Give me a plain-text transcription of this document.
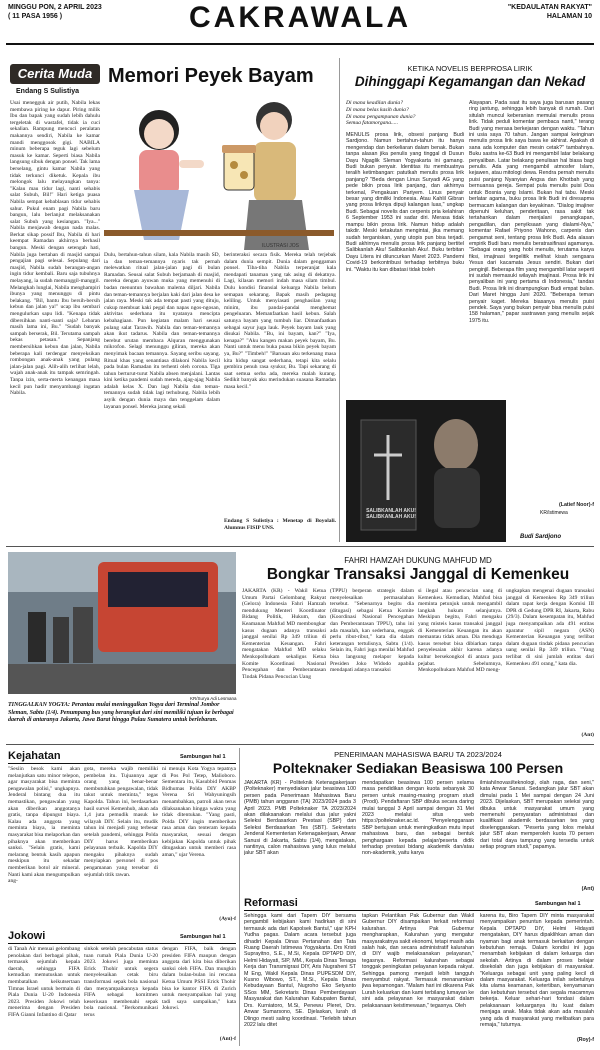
MINGGU PON, 2 APRIL 2023
( 11 PASA 1956 )	CAKRAWALA	"KEDAULATAN RAKYAT"
HALAMAN 10
Cerita Muda
Endang S Sulistiya
Memori Peyek Bayam
ILUSTRASI JOS
Usai menegguk air putih, Nabila lekas membawa piring ke dapur. Piring milik Ibu dan bapak yang sudah lebih dahulu tergeletak di wastafel, tidak ia cuci sekalian. Rampung mencuci peralatan makannya sendiri, Nabila ke kamar mandi menggosok gigi. NABILA minum beberapa teguk lagi sebelum masuk ke kamar. Seperti biasa Nabila langsung sibuk dengan ponsel. Tak lama berselang, gintu kamar Nabila yang tidak terkunci diketuk. Kepala ibu melongok lalu melayangkan tanya: "Kalau mau tidur lagi, nanti sehabis salat Subuh, Bil!" Hari ketiga puasa Nabila sempat kebablasan tidur sehabis sahur. Pukul enam pagi Nabila baru bangun, lalu berlanjut melaksanakan salat Subuh yang kesiangan. "Iya..." Nabila menjawab dengan nada malas. Berkat sikap possif Ibu, Nabila di hari keempat Ramadan akhirnya berhasil bangun. Meski dengan setengah hati, Nabila juga bertahan di masjid sampai pengajian pagi selesai. Sepulang dari masjid, Nabila sudah berangan-angan ingin tidur kembali. Baru saja tubuhnya melayang, ia sudah memanggil-manggil. Melangkah lunglai, Nabila menghampiri ibunya yang menunggu di pintu belakang. "Bil, bantu Ibu bersih-bersih kebun dan jalan ya!" ucap ibu sembari mengulurkan sapu lidi. "Kenapa tidak dibersihkan nanti-nanti saja? Lebaran masih lama ini, Bu." "Sudah banyak sampah berserak, Bil. Terutama sampah bekas petasan." Sepanjang membersihkan kebun dan jalan, Nabila beberapa kali terdengar menyeksikan rombongan anak-anak yang pulang jalan-jalan pagi. Alih-alih terlihat lelah, wajah anak-anak itu tampak semringah. Tanpa izin, serta-merta kenangan masa kecil pun hadir menyambangi ingatan Nabila.
Dulu, bertahun-tahun silam, kala Nabila masih SD, ia dan teman-temannya nyaris tak pernah melewatkan ritual jalan-jalan pagi di bulan Ramadan. Seusai salat Subuh berjamaah di masjid, mereka dengan ayuwan muka yang memenuhi di badan menuntun bawahan malema diljari. Nabila dan teman-temannya berjalan kaki dari jalan desa ke jalan raya. Meski tak ada tempat pasti yang dituju, cukup membuat kaki pegal dan napas ngos-ngosan, aktivitas sederhana itu nyatanya mencipta kebahagiaan. Pun kegiatan malam hari seusai pulang salat Tarawih. Nabila dan teman-temannya akan ikut tadarus. Nabila dan teman-temannya berebut urutan membaca Alquran menggunakan mikrofon. Selagi menunggu giliran, mereka akan menyimak bacaan temannya. Sayang seribu sayang. Ritual khas yang senantiasa dilakoni Nabila kecil pada bulan Ramadan itu terhenti oleh corona. Tiga tahun berturut-turut Nabila absen menjalani. Lantas kini ketika pandemi sudah mereda, ajag-ajag Nabila adalah kelas X. Dan lagi Nabila dan teman-temannya sudah tidak lagi terhubung. Nabila lebih asyik dengan dunia maya dan tenggelam dalam layanan ponsel. Mereka jarang sekali
berinteraksi secara fisik. Mereka telah terjebak dalam dunia sempit. Dunia dalam genggaman ponsel. Tiba-tiba Nabila terperanjat kala mendapati tanaman yang tak asing di dekatnya. Lagi, kilasan memori indah masa silam timbul. Dulu kondisi finansial keluarga Nabila belum semapan sekarang. Bapak masih pedagang keliling. Untuk menyiasati penghasilan yang minim, ibu pandai-pandai menghemat pengeluaran. Memanfaatkan hasil kebun. Salah satunya bayam yang tumbuh liar. Dimanfaatkan sebagai sayur juga lauk. Peyek bayam lauk yang disukai Nabila. "Bu, ini bayam, kan?" "Iya, kenapa?" "Aku kangen makan peyek bayam, Bu. Nanti untuk menu buka puasa bikin peyek bayam ya, Bu?" "Timbeh!" "Barusan aku terkenang masa kita hidup sangat sederhana, tetapi kita selalu gembira penuh rasa syukur, Bu. Tapi sekarang di saat semua serba ada, mereka malah kurang. Sedikit banyak aku merindukan suasana Ramadan masa kecil."
Endang S Sulistiya : Menetap di Boyolali. Alumnus FISIP UNS.
KETIKA NOVELIS BERPROSA LIRIK
Dihinggapi Kegamangan dan Nekad
Di mana keadilan dunia?
Di mana belas kasih dunia?
Di mana pengampunan dunia?
Semua fatamorgana.....
MENULIS prosa lirik, obsesi panjang Budi Sardjono. Namun bertahun-tahun itu hanya mengendap dan berkeliaran dalam benak. Bukan tanpa alasan jika penulis yang tinggal di Dusun Dayu Ngaglik Sleman Yogyakarta ini gamang. Budi bukan penyair. Identitas itu membuatnya teralih ketimbangan: patutkah menulis prosa lirik panjang? "Beda dengan Linus Suryadi AG yang pede bikin prosa lirik panjang, dan akhirnya terkenal, Pengakuan Pariyem. Linus penyair besar yang dimiliki Indonesia. Atau Kahlil Gibran yang prosa liriknya dipuji kalangan luas," ungkap Budi. Sebagai novelis dan cerpenis pria kelahiran 6 September 1953 ini sadar diri. Merasa tidak mampu bikin prosa lirik. Namun hidup adalah takdir. Meski ketakutan mengintai, jika memang sudah terganiskan, yang utopis pun bisa terjadi. Budi akhirnya menulis prosa lirik panjang bertitel Salibkanlah Aku! Salibkanlah Aku!. Buku terbitan Dayu Litera ini diluncurkan Maret 2023. Pandemi Covid-19 berkontribusi terhadap terbitnya buku ini. "Waktu itu kan dibatasi tidak boleh
Alayapan. Pada saat itu saya juga barusan pasang ring jantung, sehingga lebih banyak di rumah. Dari situlah muncul keberanian memulai menulis prosa lirik. Tidak peduli komentar pembaca nanti," terang Budi yang merasa berkejaran dengan waktu. "Tahun ini usia saya 70 tahun. Jangan sampai keinginan menulis prosa lirik saya bawa ke akhirat. Apakah di sana ada komputer dan mesin cetak?" tambahnya. Buku sastra ke-63 Budi ini mengambil latar belakang penyaliban. Latar belakang penulisan hal biasa bagi penulis. Ada yang mengambil atmosfer Islam, kejawen, atau mitologi dewa. Rendra pernah menulis puisi panjang Nyanyian Angsa dan Khotbah yang bernuansa gereja. Sempat pula menulis puisi Doa untuk Bosnia yang Islami. Bukan hal tabu. Meski berlatar agama, buku prosa lirik Budi ini diresapma bermacam kalangan dan keyakinan. "Dialog imajiner dipenuhi keluhan, penderitaan, rasa sakit tak tertahankan dalam menjalani penangkapan, pengadilan, dan penyiksaan yang dialami-Nya," komentar Rafael Priyono Wahono, carpenis dan pengamat seni, tentang prosa lirik Budi. Ada alasan empirik Budi baru menulis beratrasifinasi agamanya. "Sebagai orang yang hobi menulis, terutama karya fiksi, imajinasi tergelitik melihat kisah sengsara Yesus dari kacamata Jesus sendiri. Bukan dari penginjil. Beberapa film yang mengambil latar seperti ini sudah memasuki wilayah imajinasi. Prosa lirik ini penyaliban ini yang pertama di Indonesia," tandas Budi. Prosa lirik ini dirampungkan Budi empat bulan. Dari Maret hingga Juni 2020. "Beberapa teman penyair kaget. Mereka biasanya menulis puisi pendek. Saya yang bukan penyair bisa menulis puisi 158 halaman," papar sastrawan yang menulis sejak 1975 itu.
(Latief Noor)-f
SALIBKANLAH AKU! SALIBKANLAH AKU!
KR/istimewa
Budi Sardjono
KR/Surya Adi Lesmana
TINGGALKAN YOGYA: Perantau mulai meninggalkan Yogya dari Terminal Jombor Sleman, Sabtu (1/4). Penumpang bus yang berangkat dari sini memiliki tujuan ke berbagai daerah di antaranya Jakarta, Jawa Barat hingga Pulau Sumatera untuk berlebaran.
FAHRI HAMZAH DUKUNG MAHFUD MD
Bongkar Transaksi Janggal di Kemenkeu
JAKARTA (KR) - Wakil Ketua Umum Partai Gelombang Rakyat (Gelora) Indonesia Fahri Hamzah mendukung Menteri Koordinator Bidang Politik, Hukum, dan Keamanan Mahfud MD membongkar kasus dugaan adanya transaksi janggal senilai Rp 349 triliun di Kementerian Keuangan. Fahri mengatakan Mahfud MD selaku Menkopolhukam sekaligus Ketua Komite Koordinasi Nasional Pencegahan dan Pemberantasan Tindak Pidana Pencucian Uang
(TPPU) berperan strategis dalam menyelesaikan permasalahan tersebut. "Sebenarnya begitu dia (ditugasi) sebagai Ketua Komite (Koordinasi Nasional Pencegahan dan Pemberantasan TPPU), tahu ini ada masalah, kan sederhana, enggak perlu ribut-ribut," kata dia dalam keterangan tertulisnya, Sabtu (1/4). Selain itu, Fahri juga menilai Mahfud bisa langsung melapor kepada Presiden Joko Widodo apabila mendapati adanya transaksi
si ilegal atau pencucian uang di Kemenkeu. Kemudian, Mahfud bisa meminta petunjuk untuk mengambil langkah hukum selanjutnya. Meskipun begitu, Fahri mengaku yang misteis kasus transaksi janggal di Kementerian Keuangan itu akan memantau tidak aman. Dia menduga kasus tersebut bisa dibiarkan tanpa penyelesaian akhir karena adanya kultur bersekongkol di antara para pejabat. Sebelumnya, Menkopolhukam Mahfud MD meng-
ungkapkan mengenai dugaan transaksi janggal di Kemenkeu Rp 349 triliun dalam rapat kerja dengan Komisi III DPR di Gedung DPR RI, Jakarta, Rabu (29/3). Dalam kesempatan itu, Mahfud juga menyampaikan ada 491 entitas aparatur sipil negara (ASN) Kementerian Keuangan yang terlibat dalam dugaan tindak pidana pencucian uang senilai Rp 349 triliun. "Yang terlibat di sini jumlah entitas dari Kemenkeu 491 orang," kata dia.
(Ant)
Kejahatan	Sambungan hal 1
"Sesiin besok kami akan melanjutkan satu minor telepon, agar masyarakat bisa meminta pengawalan polisi," ungkapnya. Jenderal bintang dua itu memastikan, pengawalan yang akan diberikan anggotanya gratis, tanpa dipungut biaya. Kalau ada anggota yang meminta biaya, ia meminta masyarakat bisa melaporkan dan pihaknya akan memberikan sanksi. "Selain gratis, kami melarang bentuk kasih apapun meskipun itu sekadar memberikan botol air mineral. Nanti kami akan mengumpulkan ang-
gota, mereka wajib memiliki pembelan itu. Tujuannya agar orang yang benar-benar membutuhkan pengawalan, tidak takut untuk meminta," tegas Kapolda. Tahun ini, berdasarkan hasil survei Kemenhub, akan ada 1,4 juta pemudik masuk ke wilayah DIY. Selain itu, mudik tahun ini menjadi yang terbesar setelah pandemi, sehingga Polda DIY harus memberikan pelayanan terbaik. Kapolda DIY mengaku pihaknya sudah menyiapkan personel di pos pengamanan yang tersebar di sejumlah titik rawan.
ni menuju Kota Yogya tepatnya di Pos Pol Tetep, Malioboro. Sementara itu, Kasubbid Penmas Bidhumas Polda DIY AKBP Verena Sri Wahyuningsih menambahkan, patroli akan terus dilaksanakan hingga waktu yang tidak ditentukan. "Yang pasti, Polda DIY ingin memberikan rasa aman dan tenteram kepada masyarakat, sesuai dengan kebijakan Kapolda untuk pihak ditugaskan untuk memberi rasa aman," ujar Verena.
(Ayu)-f
Jokowi	Sambungan hal 1
di Tanah Air menuai gelombang penolakan dari berbagai pihak, termasuk sejumlah kepala daerah, sehingga FIFA kemudian memutuskan untuk membatalkan keikutsertaan Timnas Israel untuk bermain di Piala Dunia U-20 Indonesia 2023. Presiden Jokowi telah menerima dengan Presiden FIFA Gianni Infantino di Qatar
sinkok setelah pencabutan status tuan rumah Piala Dunia U-20 2023. Jokowi juga meminta Erick Thohir untuk segera menyelesaikan cetak biru transformasi sepak bola nasional dan menyampaikannya kepada FIFA sebagai komitmen keseriusan membenahi sepak bola nasional. "Berkomunikasi terus
dengan FIFA, baik dengan presiden FIFA maupun dengan anggota dari kita bisa diberikan sanksi oleh FIFA. Dan mungkin dalam bulan-bulan ini rencana Ketua Umum PSSI Erick Thohir bisa ke kantor FIFA di Zurich untuk menyampaikan hal yang tadi saya sampaikan," kata Jokowi.
(Ant)-f
PENERIMAAN MAHASISWA BARU TA 2023/2024
Polteknaker Sediakan Beasiswa 100 Persen
JAKARTA (KR) - Politeknik Ketenagakerjaan (Polteknaker) menyediakan jalur beasiswa 100 persen pada Penerimaan Mahasiswa Baru (PMB) tahun anggaran (TA) 2023/2024 pada 3 April 2023. PMB Polteknaker TA 2023/2024 akan dilaksanakan melalui dua jalur yakni Seleksi Berdasarkan Prestasi (SBP) dan Seleksi Berdasarkan Tes (SBT). Sekretaris Jenderal Kementerian Ketenagakerjaan, Anwar Sanusi di Jakarta, Sabtu (1/4), mengatakan, nantinya, calon mahasiswa yang lulus melalui jalur SBT akan
mendapatkan beasiswa 100 persen selama masa pendidikan dengan kuota sebanyak 30 persen untuk masing-masing program studi (Prodi). Pendaftaran SBP dibuka secara daring mulai tanggal 3 April sampai dengan 31 Mei 2023 melalui situs web https://polteknaker.ac.id. "Penyelenggaraan SBP bertujuan untuk meningkatkan mutu input mahasiswa baru, dan sebagai bentuk penghargaan kepada pelajar/peserta didik terhadap prestasi bidang akademik dan/atau non-akademik, yaitu karya
ilmiah/inovasi/teknologi, olah raga, dan seni," kata Anwar Sanusi. Sedangkan jalur SBT akan dimulai pada 1 Mei sampai dengan 24 Juni 2023. Dijelaskan, SBT merupakan seleksi yang dibuka untuk masyarakat umum yang memenuhi persyaratan administrasi dan kualifikasi akademik berdasarkan tes yang diselenggarakan. "Peserta yang lolos melalui jalur SBT akan memperoleh kuota 70 persen dari total daya tampung yang tersedia untuk setiap program studi," papamya.
(Ant)
Reformasi	Sambungan hal 1
Sehingga kami dari Tapem DIY bersama pengambil kebijakan kami hadirkan di sini termasuk ada dari Kapolsek Bantul," ujar KPH Yudha pagas. Dalam acara tersebut juga dihadiri Kepala Dinas Pertanahan dan Tata Ruang Daerah Istimewa Yogyakarta. Drs Kristi Suprayitno, S.E., M.Si, Kepala DPTAPD DIY, Helmi Hidayati, SIP, MM., Kepala Dinas Tenaga Kerja dan Transmigrasi DIY, Aris Nugraheni ST M Eng, Wakil Kepala Dinas PUPESDM DIY, Kusno Wibowo, ST., M.Si., Kepala Dinas Kebudayaan Bantul, Nugroho Eko Setyanto SSos MM, Sekretaris Dinas Pemberdayaan Masyarakat dan Kalurahan Kabupaten Bantul, Drs. Kurniatoro, M.Si, Penewu Pleret, Drs. Anwar Sumarsono, SE. Djelaskan, lurah di Dlingo mesti saling koordinasi. "Terlebih tahun 2022 lalu ditet
tapkan Pelantikan Pak Gubernur dan Wakil Gubernur DIY disampaikan terkait reformasi kalurahan. Artinya Pak Gubernur mengharapkan, Kalurahan yang mengatur masyarakatnya sakit ekonomi, tetapi masih ada salah hak, dan secara administratif kalurahan di DIY wajib melaksanakan pelayanan," tegasnya. Reformasi kalurahan sebagai tonggak peningkatan pelayanan kepada rakyat. Sehingga pamong menjadi lebih tangguh menyambut rakyat. Termasuk menanamkan jiwa kepamongan. "Malam hari ini dikarena Pak Lurah keluarkan dan kami terbilang lumayan ke sini ada pelayanan ke masyarakat dalam pelaksanaan keistimewaan," tegasnya. Oleh
karena itu, Biro Tapem DIY minta masyarakat menyampaikan penuntun kepada pemerintah. Kepala DPTAPD DIY, Helmi Hidayati mengatakan, DIY harus dipaklihkan aman dan nyaman bagi anak termasuk berkaitan dengan kebutuhan remaja. Dalam kondisi ini juga menambah kebijakan di dalam keluarga dan sekolah. Artinya di dalam proses belajar disekolah dan juga kebijakan di masyarakat. "Keluarga sebagai unit yang paling kecil di dalam masyarakat. Keluarga inilah sebetulnya kita ulama keamanan, ketertiban, kenyamanan dan kebutuhan tersebut dan segala macamnya bekerja. Keluar sehari-hari fondasi dalam pelaksanaan keluarganya itu kuat dalam menjaga anak. Maka tidak akan ada masalah yang ada di masyarakat yang melibatkan para remaja," tuturnya.
(Roy)-f
